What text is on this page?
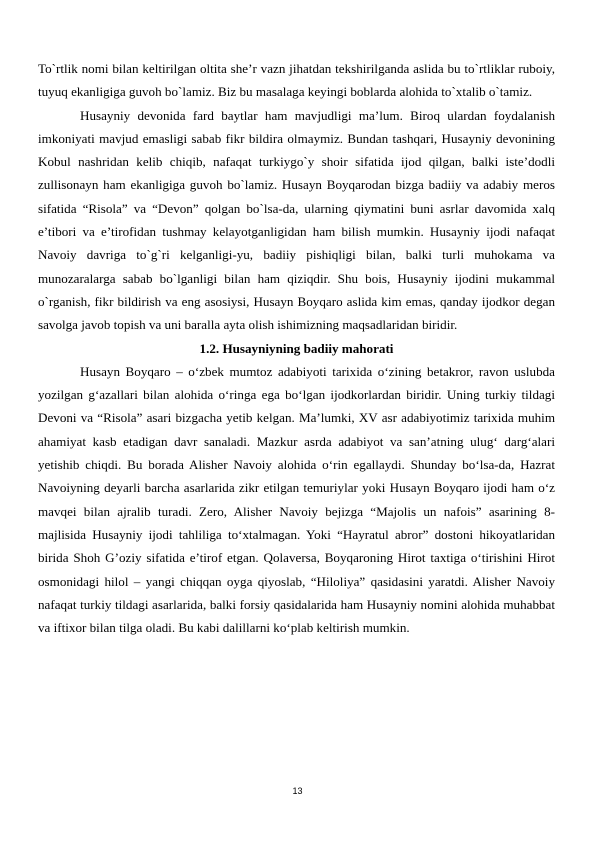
To`rtlik nomi bilan keltirilgan oltita she’r vazn jihatdan tekshirilganda aslida bu to`rtliklar ruboiy, tuyuq ekanligiga guvoh bo`lamiz. Biz bu masalaga keyingi boblarda alohida to`xtalib o`tamiz.

Husayniy devonida fard baytlar ham mavjudligi ma’lum. Biroq ulardan foydalanish imkoniyati mavjud emasligi sabab fikr bildira olmaymiz. Bundan tashqari, Husayniy devonining Kobul nashridan kelib chiqib, nafaqat turkiygo`y shoir sifatida ijod qilgan, balki iste’dodli zullisonayn ham ekanligiga guvoh bo`lamiz. Husayn Boyqarodan bizga badiiy va adabiy meros sifatida “Risola” va “Devon” qolgan bo`lsa-da, ularning qiymatini buni asrlar davomida xalq e’tibori va e’tirofidan tushmay kelayotganligidan ham bilish mumkin. Husayniy ijodi nafaqat Navoiy davriga to`g`ri kelganligi-yu, badiiy pishiqligi bilan, balki turli muhokama va munozaralarga sabab bo`lganligi bilan ham qiziqdir. Shu bois, Husayniy ijodini mukammal o`rganish, fikr bildirish va eng asosiysi, Husayn Boyqaro aslida kim emas, qanday ijodkor degan savolga javob topish va uni baralla ayta olish ishimizning maqsadlaridan biridir.

1.2. Husayniyning badiiy mahorati

Husayn Boyqaro – o‘zbek mumtoz adabiyoti tarixida o‘zining betakror, ravon uslubda yozilgan g‘azallari bilan alohida o‘ringa ega bo‘lgan ijodkorlardan biridir. Uning turkiy tildagi Devoni va “Risola” asari bizgacha yetib kelgan. Ma’lumki, XV asr adabiyotimiz tarixida muhim ahamiyat kasb etadigan davr sanaladi. Mazkur asrda adabiyot va san’atning ulug‘ darg‘alari yetishib chiqdi. Bu borada Alisher Navoiy alohida o‘rin egallaydi. Shunday bo‘lsa-da, Hazrat Navoiyning deyarli barcha asarlarida zikr etilgan temuriylar yoki Husayn Boyqaro ijodi ham o‘z mavqei bilan ajralib turadi. Zero, Alisher Navoiy bejizga “Majolis un nafois” asarining 8-majlisida Husayniy ijodi tahliliga to‘xtalmagan. Yoki “Hayratul abror” dostoni hikoyatlaridan birida Shoh G’oziy sifatida e’tirof etgan. Qolaversa, Boyqaroning Hirot taxtiga o‘tirishini Hirot osmonidagi hilol – yangi chiqqan oyga qiyoslab, “Hiloliya” qasidasini yaratdi. Alisher Navoiy nafaqat turkiy tildagi asarlarida, balki forsiy qasidalarida ham Husayniy nomini alohida muhabbat va iftixor bilan tilga oladi. Bu kabi dalillarni ko‘plab keltirish mumkin.

13
